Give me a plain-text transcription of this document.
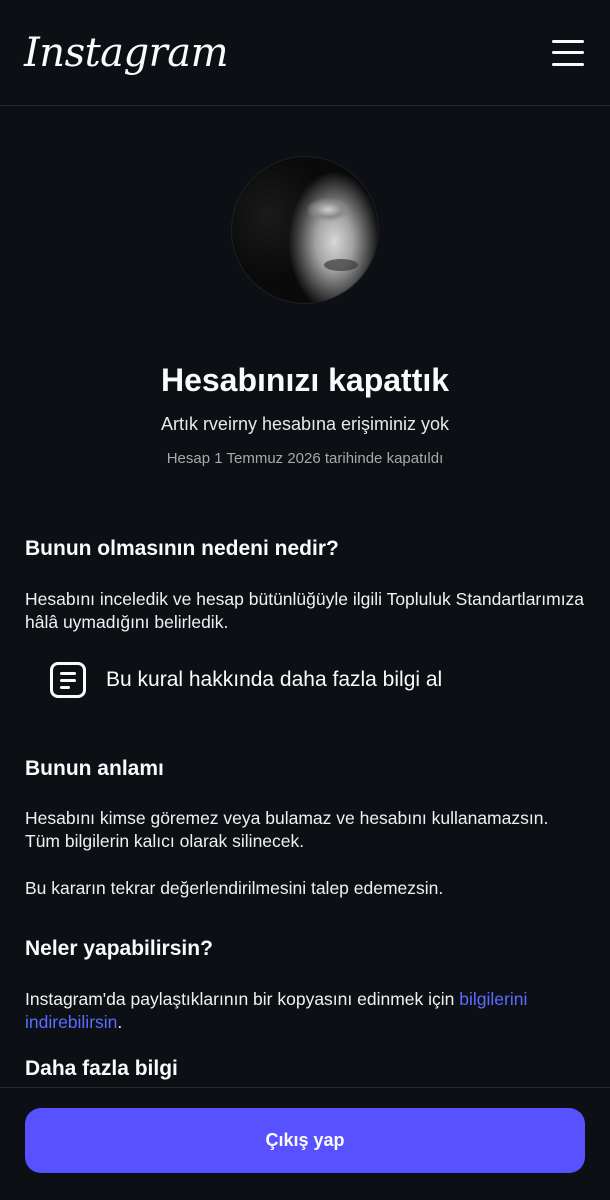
Instagram
Hesabınızı kapattık
Artık rveirny hesabına erişiminiz yok
Hesap 1 Temmuz 2026 tarihinde kapatıldı
Bunun olmasının nedeni nedir?
Hesabını inceledik ve hesap bütünlüğüyle ilgili Topluluk Standartlarımıza hâlâ uymadığını belirledik.
Bu kural hakkında daha fazla bilgi al
Bunun anlamı
Hesabını kimse göremez veya bulamaz ve hesabını kullanamazsın. Tüm bilgilerin kalıcı olarak silinecek.
Bu kararın tekrar değerlendirilmesini talep edemezsin.
Neler yapabilirsin?
Instagram'da paylaştıklarının bir kopyasını edinmek için bilgilerini indirebilirsin.
Daha fazla bilgi
Çıkış yap
